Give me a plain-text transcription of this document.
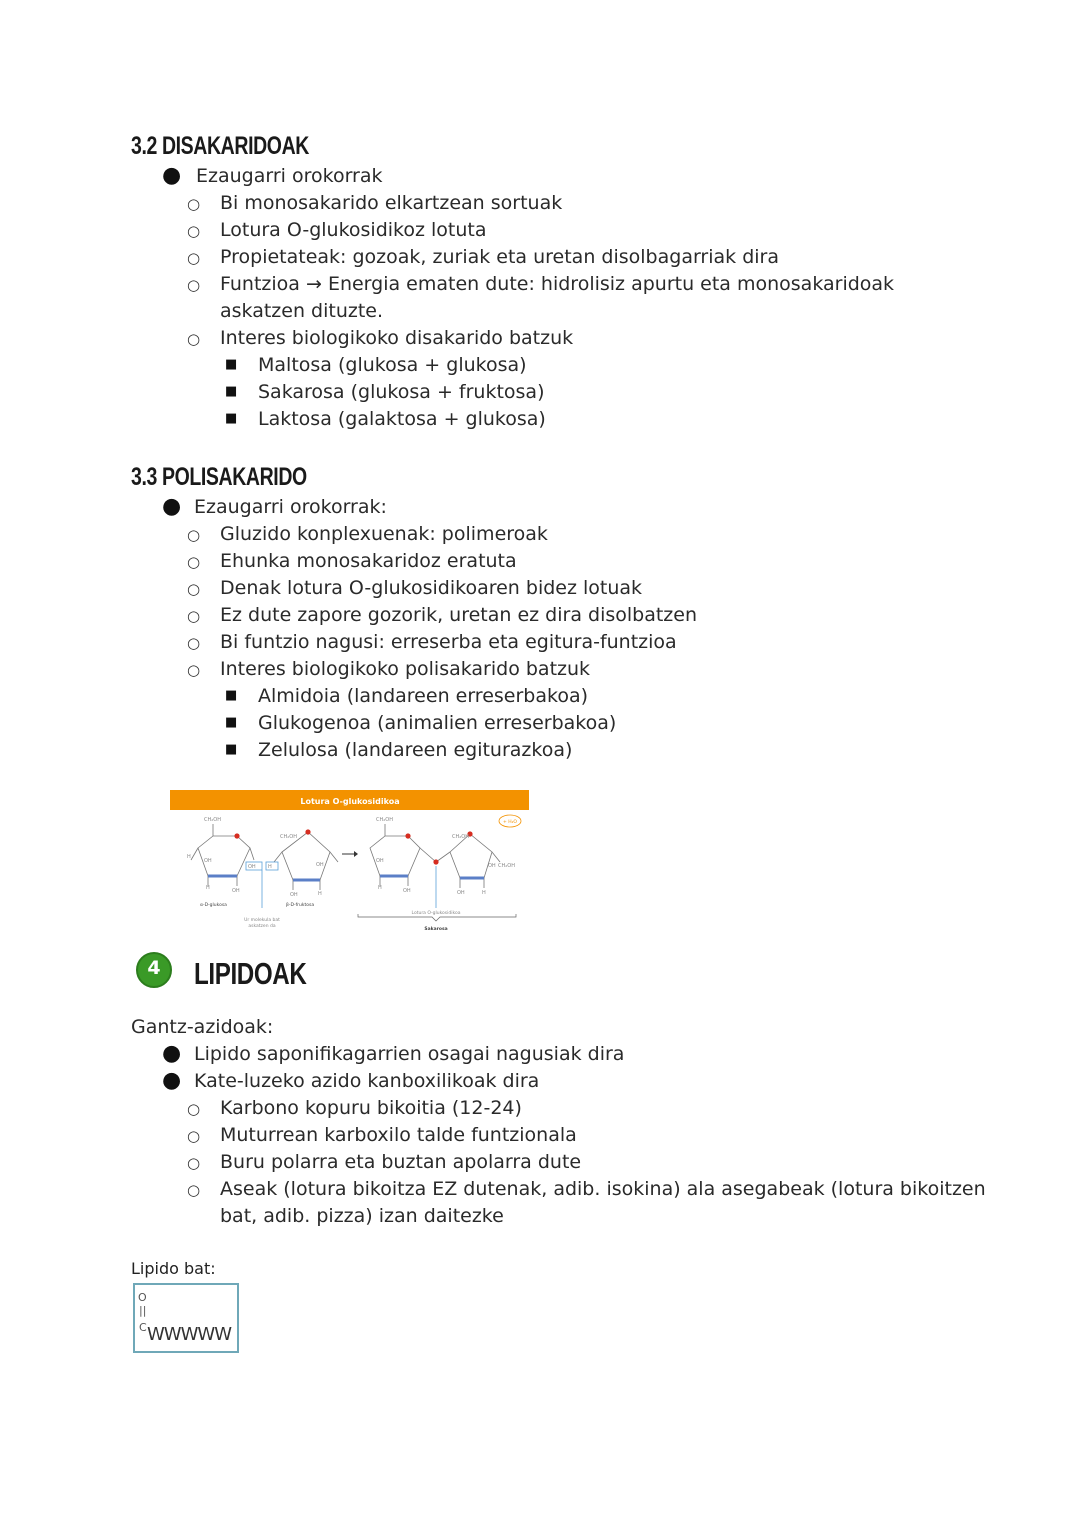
3.2 DISAKARIDOAK
● Ezaugarri orokorrak
○ Bi monosakarido elkartzean sortuak
○ Lotura O-glukosidikoz lotuta
○ Propietateak: gozoak, zuriak eta uretan disolbagarriak dira
○ Funtzioa → Energia ematen dute: hidrolisiz apurtu eta monosakaridoak
askatzen dituzte.
○ Interes biologikoko disakarido batzuk
■ Maltosa (glukosa + glukosa)
■ Sakarosa (glukosa + fruktosa)
■ Laktosa (galaktosa + glukosa)
3.3 POLISAKARIDO
● Ezaugarri orokorrak:
○ Gluzido konplexuenak: polimeroak
○ Ehunka monosakaridoz eratuta
○ Denak lotura O-glukosidikoaren bidez lotuak
○ Ez dute zapore gozorik, uretan ez dira disolbatzen
○ Bi funtzio nagusi: erreserba eta egitura-funtzioa
○ Interes biologikoko polisakarido batzuk
■ Almidoia (landareen erreserbakoa)
■ Glukogenoa (animalien erreserbakoa)
■ Zelulosa (landareen egiturazkoa)
Lotura O-glukosidikoa
+ H₂O
CH₂OH
CH₂OH
CH₂OH
CH₂OH
CH₂OH
OH
OH
OH
OH
OH
OH
OH
OH
OH
H
H
H
H
H
H
α-D-glukosa	β-D-fruktosa
Ur molekula bat
askatzen da
Lotura O-glukosidikoa
Sakarosa
4	LIPIDOAK
Gantz-azidoak:
● Lipido saponifikagarrien osagai nagusiak dira
● Kate-luzeko azido kanboxilikoak dira
○ Karbono kopuru bikoitia (12-24)
○ Muturrean karboxilo talde funtzionala
○ Buru polarra eta buztan apolarra dute
○ Aseak (lotura bikoitza EZ dutenak, adib. isokina) ala asegabeak (lotura bikoitzen
bat, adib. pizza) izan daitezke
Lipido bat:
O
||
C WWWWW
